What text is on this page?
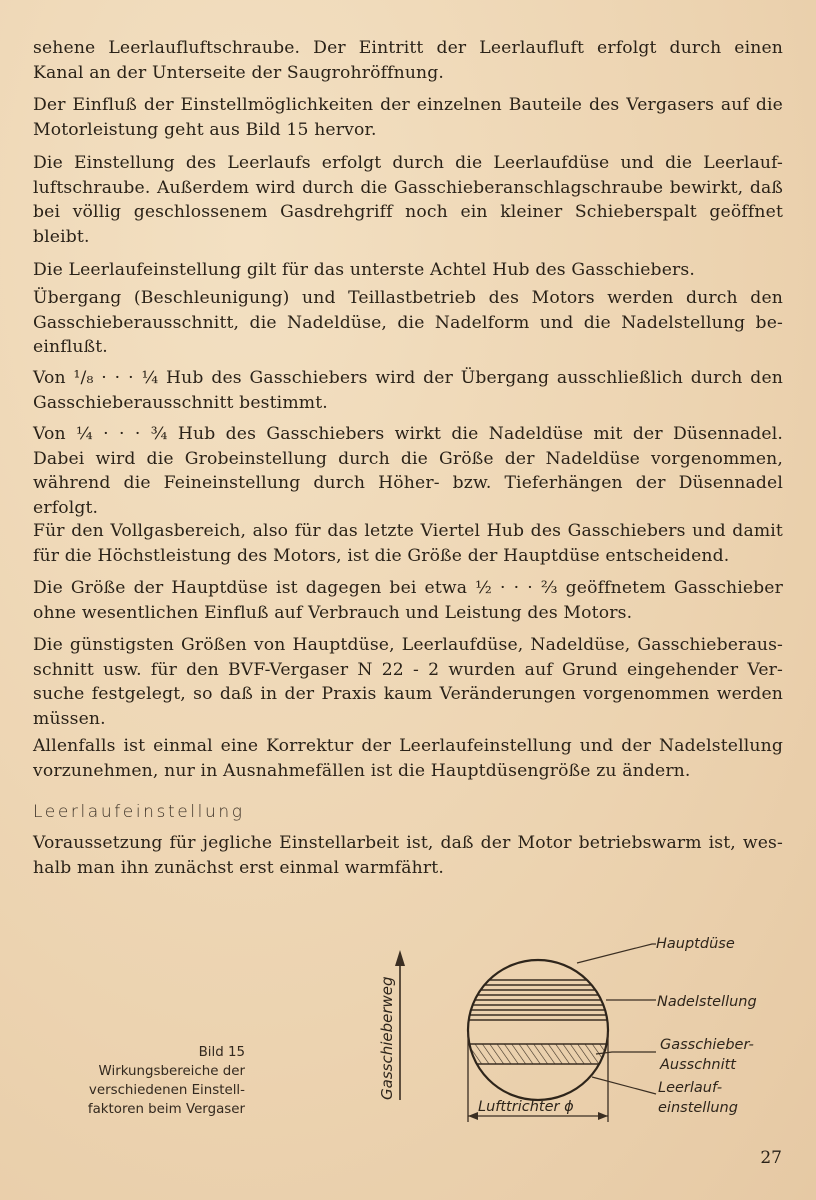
sehene Leerlaufluftschraube. Der Eintritt der Leerlaufluft erfolgt durch einen
Kanal an der Unterseite der Saugrohröffnung.
Der Einfluß der Einstellmöglichkeiten der einzelnen Bauteile des Vergasers auf die
Motorleistung geht aus Bild 15 hervor.
Die Einstellung des Leerlaufs erfolgt durch die Leerlaufdüse und die Leerlauf-
luftschraube. Außerdem wird durch die Gasschieberanschlagschraube bewirkt, daß
bei völlig geschlossenem Gasdrehgriff noch ein kleiner Schieberspalt geöffnet
bleibt.
Die Leerlaufeinstellung gilt für das unterste Achtel Hub des Gasschiebers.
Übergang (Beschleunigung) und Teillastbetrieb des Motors werden durch den
Gasschieberausschnitt, die Nadeldüse, die Nadelform und die Nadelstellung be-
einflußt.
Von ¹/₈ · · · ¼ Hub des Gasschiebers wird der Übergang ausschließlich durch den
Gasschieberausschnitt bestimmt.
Von ¼ · · · ¾ Hub des Gasschiebers wirkt die Nadeldüse mit der Düsennadel.
Dabei wird die Grobeinstellung durch die Größe der Nadeldüse vorgenommen,
während die Feineinstellung durch Höher- bzw. Tieferhängen der Düsennadel
erfolgt.
Für den Vollgasbereich, also für das letzte Viertel Hub des Gasschiebers und damit
für die Höchstleistung des Motors, ist die Größe der Hauptdüse entscheidend.
Die Größe der Hauptdüse ist dagegen bei etwa ½ · · · ⅔ geöffnetem Gasschieber
ohne wesentlichen Einfluß auf Verbrauch und Leistung des Motors.
Die günstigsten Größen von Hauptdüse, Leerlaufdüse, Nadeldüse, Gasschieberaus-
schnitt usw. für den BVF-Vergaser N 22 - 2 wurden auf Grund eingehender Ver-
suche festgelegt, so daß in der Praxis kaum Veränderungen vorgenommen werden
müssen.
Allenfalls ist einmal eine Korrektur der Leerlaufeinstellung und der Nadelstellung
vorzunehmen, nur in Ausnahmefällen ist die Hauptdüsengröße zu ändern.
Leerlaufeinstellung
Voraussetzung für jegliche Einstellarbeit ist, daß der Motor betriebswarm ist, wes-
halb man ihn zunächst erst einmal warmfährt.
Bild 15
Wirkungsbereiche der
verschiedenen Einstell-
faktoren beim Vergaser
Gasschieberweg
Lufttrichter ϕ
Hauptdüse
Nadelstellung
Gasschieber-
Ausschnitt
Leerlauf-
einstellung
27
